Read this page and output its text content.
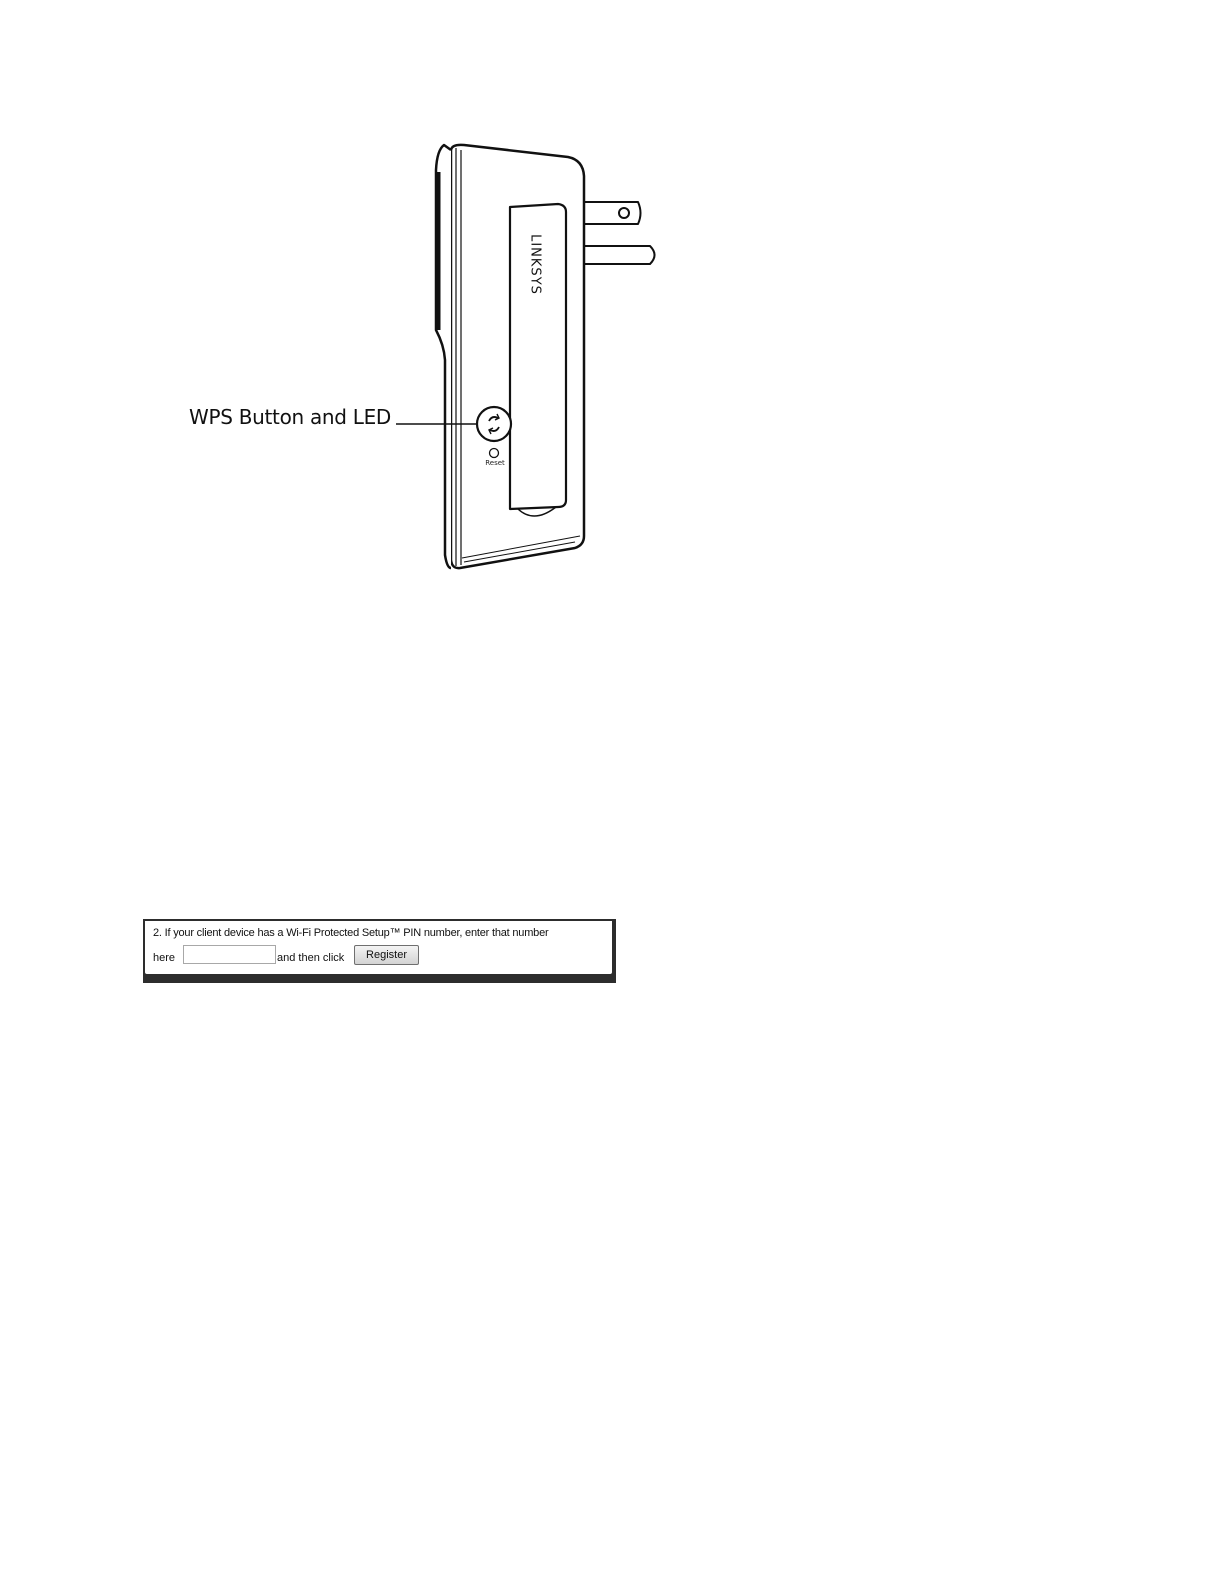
LINKSYS
WPS Button and LED
Reset
2. If your client device has a Wi-Fi Protected Setup™ PIN number, enter that number
here	and then click	Register
